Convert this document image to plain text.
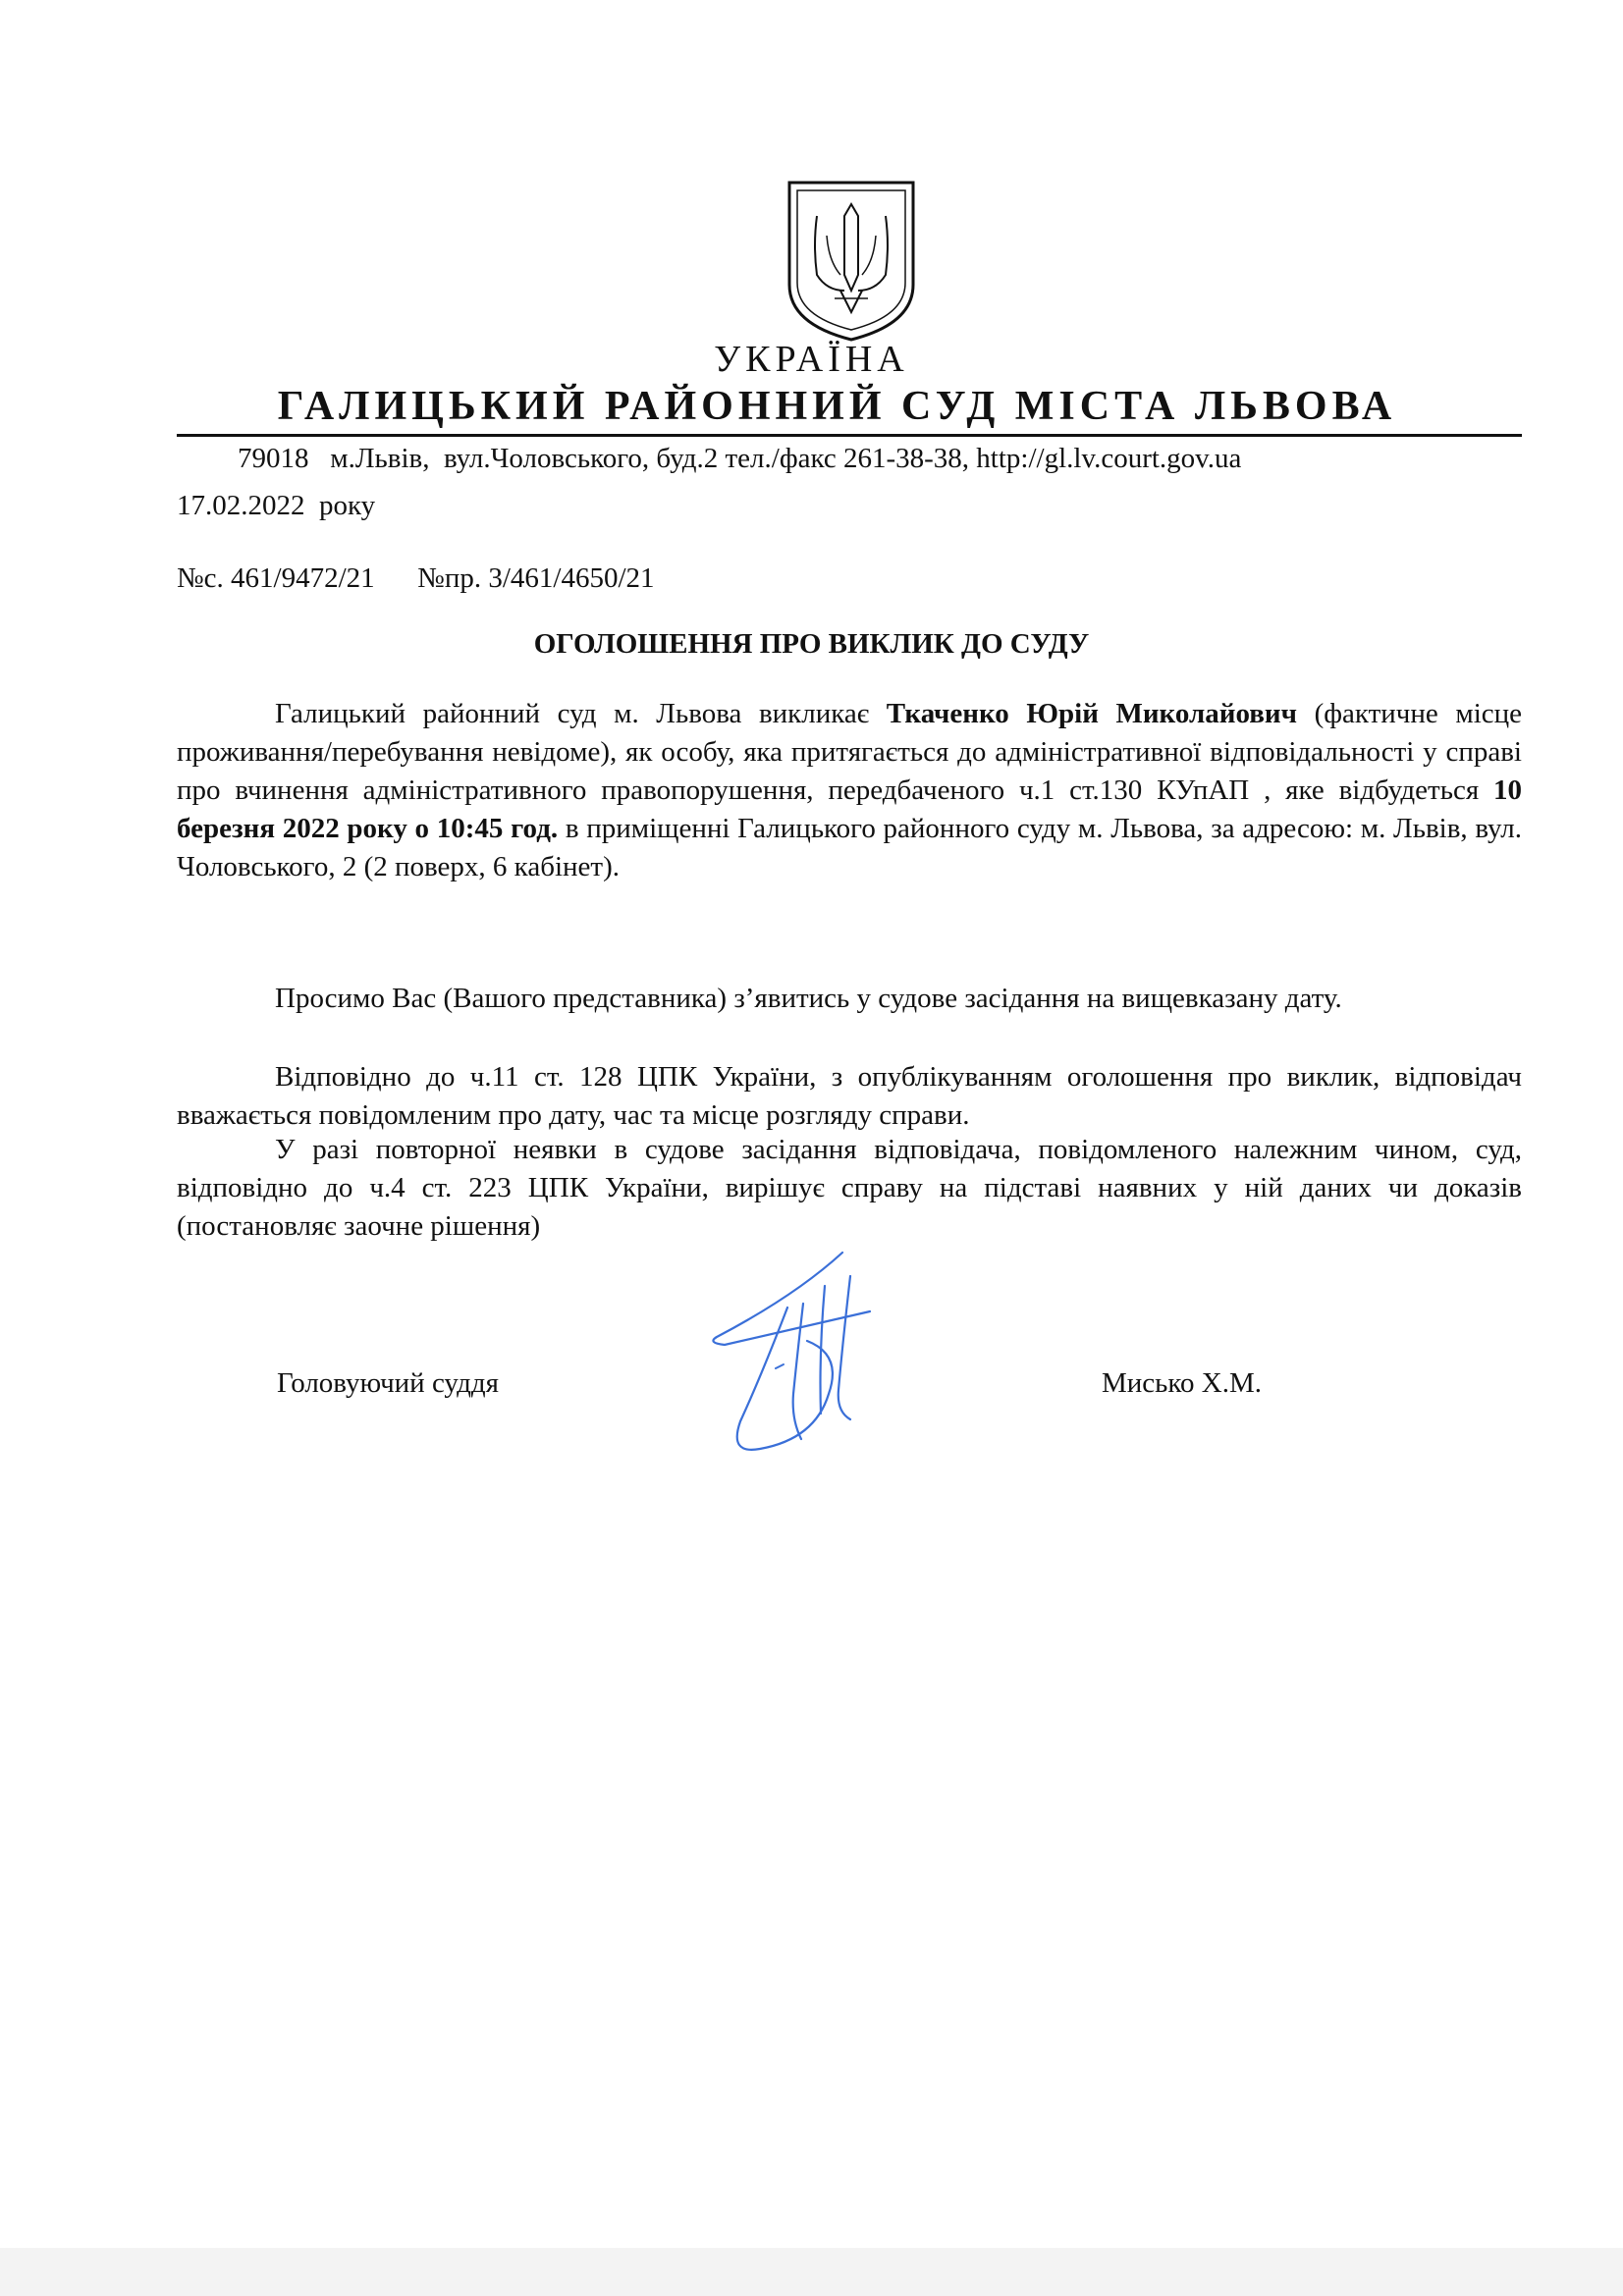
УКРАЇНА
ГАЛИЦЬКИЙ РАЙОННИЙ СУД МІСТА ЛЬВОВА
79018   м.Львів,  вул.Чоловського, буд.2 тел./факс 261-38-38, http://gl.lv.court.gov.ua
17.02.2022  року
№с. 461/9472/21      №пр. 3/461/4650/21
ОГОЛОШЕННЯ ПРО ВИКЛИК ДО СУДУ

Галицький районний суд м. Львова викликає Ткаченко Юрій Миколайович (фактичне місце проживання/перебування невідоме), як особу, яка притягається до адміністративної відповідальності у справі про вчинення адміністративного правопорушення, передбаченого ч.1 ст.130 КУпАП , яке відбудеться 10 березня 2022 року о 10:45 год. в приміщенні Галицького районного суду м. Львова, за адресою: м. Львів, вул. Чоловського, 2 (2 поверх, 6 кабінет).

Просимо Вас (Вашого представника) з’явитись у судове засідання на вищевказану дату.

Відповідно до ч.11 ст. 128 ЦПК України, з опублікуванням оголошення про виклик, відповідач вважається повідомленим про дату, час та місце розгляду справи.

У разі повторної неявки в судове засідання відповідача, повідомленого належним чином, суд, відповідно до ч.4 ст. 223 ЦПК України, вирішує справу на підставі наявних у ній даних чи доказів (постановляє заочне рішення)

Головуючий суддя	Мисько Х.М.
